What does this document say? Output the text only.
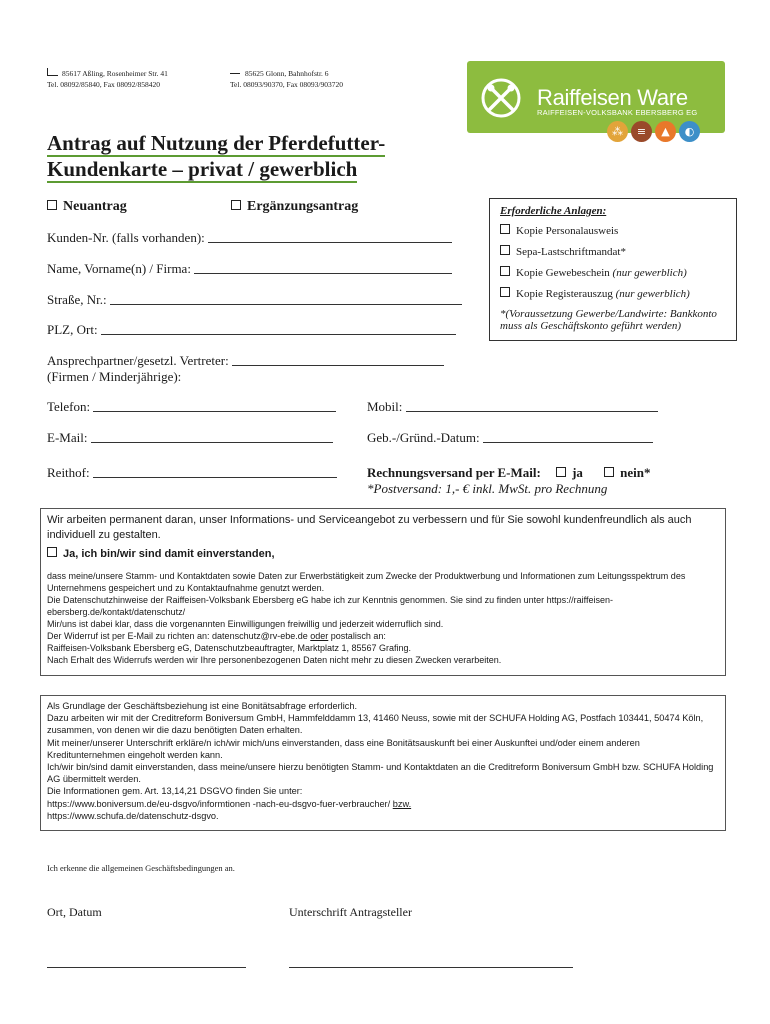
85617 Aßling, Rosenheimer Str. 41
Tel. 08092/85840, Fax 08092/858420
85625 Glonn, Bahnhofstr. 6
Tel. 08093/90370, Fax 08093/903720
Raiffeisen Ware
RAIFFEISEN-VOLKSBANK EBERSBERG EG
⁂ ≡ ▲ ◐
Antrag auf Nutzung der Pferdefutter-
Kundenkarte – privat / gewerblich
Neuantrag	Ergänzungsantrag
Kunden-Nr. (falls vorhanden):
Name, Vorname(n) / Firma:
Straße, Nr.:
PLZ, Ort:
Ansprechpartner/gesetzl. Vertreter:
(Firmen / Minderjährige):
Telefon:	Mobil:
E-Mail:	Geb.-/Gründ.-Datum:
Reithof:	Rechnungsversand per E-Mail: ja	nein*
*Postversand: 1,- € inkl. MwSt. pro Rechnung
Erforderliche Anlagen:
Kopie Personalausweis
Sepa-Lastschriftmandat*
Kopie Gewebeschein (nur gewerblich)
Kopie Registerauszug (nur gewerblich)
*(Voraussetzung Gewerbe/Landwirte: Bankkonto muss als Geschäftskonto geführt werden)
Wir arbeiten permanent daran, unser Informations- und Serviceangebot zu verbessern und für Sie sowohl kundenfreundlich als auch individuell zu gestalten.
Ja, ich bin/wir sind damit einverstanden,
dass meine/unsere Stamm- und Kontaktdaten sowie Daten zur Erwerbstätigkeit zum Zwecke der Produktwerbung und Informationen zum Leitungsspektrum des Unternehmens gespeichert und zu Kontaktaufnahme genutzt werden.
Die Datenschutzhinweise der Raiffeisen-Volksbank Ebersberg eG habe ich zur Kenntnis genommen. Sie sind zu finden unter https://raiffeisen-ebersberg.de/kontakt/datenschutz/
Mir/uns ist dabei klar, dass die vorgenannten Einwilligungen freiwillig und jederzeit widerruflich sind.
Der Widerruf ist per E-Mail zu richten an: datenschutz@rv-ebe.de oder postalisch an:
Raiffeisen-Volksbank Ebersberg eG, Datenschutzbeauftragter, Marktplatz 1, 85567 Grafing.
Nach Erhalt des Widerrufs werden wir Ihre personenbezogenen Daten nicht mehr zu diesen Zwecken verarbeiten.
Als Grundlage der Geschäftsbeziehung ist eine Bonitätsabfrage erforderlich.
Dazu arbeiten wir mit der Creditreform Boniversum GmbH, Hammfelddamm 13, 41460 Neuss, sowie mit der SCHUFA Holding AG, Postfach 103441, 50474 Köln, zusammen, von denen wir die dazu benötigten Daten erhalten.
Mit meiner/unserer Unterschrift erkläre/n ich/wir mich/uns einverstanden, dass eine Bonitätsauskunft bei einer Auskunftei und/oder einem anderen Kreditunternehmen eingeholt werden kann.
Ich/wir bin/sind damit einverstanden, dass meine/unsere hierzu benötigten Stamm- und Kontaktdaten an die Creditreform Boniversum GmbH bzw. SCHUFA Holding AG übermittelt werden.
Die Informationen gem. Art. 13,14,21 DSGVO finden Sie unter:
https://www.boniversum.de/eu-dsgvo/informtionen -nach-eu-dsgvo-fuer-verbraucher/ bzw.
https://www.schufa.de/datenschutz-dsgvo.
Ich erkenne die allgemeinen Geschäftsbedingungen an.
Ort, Datum	Unterschrift Antragsteller
